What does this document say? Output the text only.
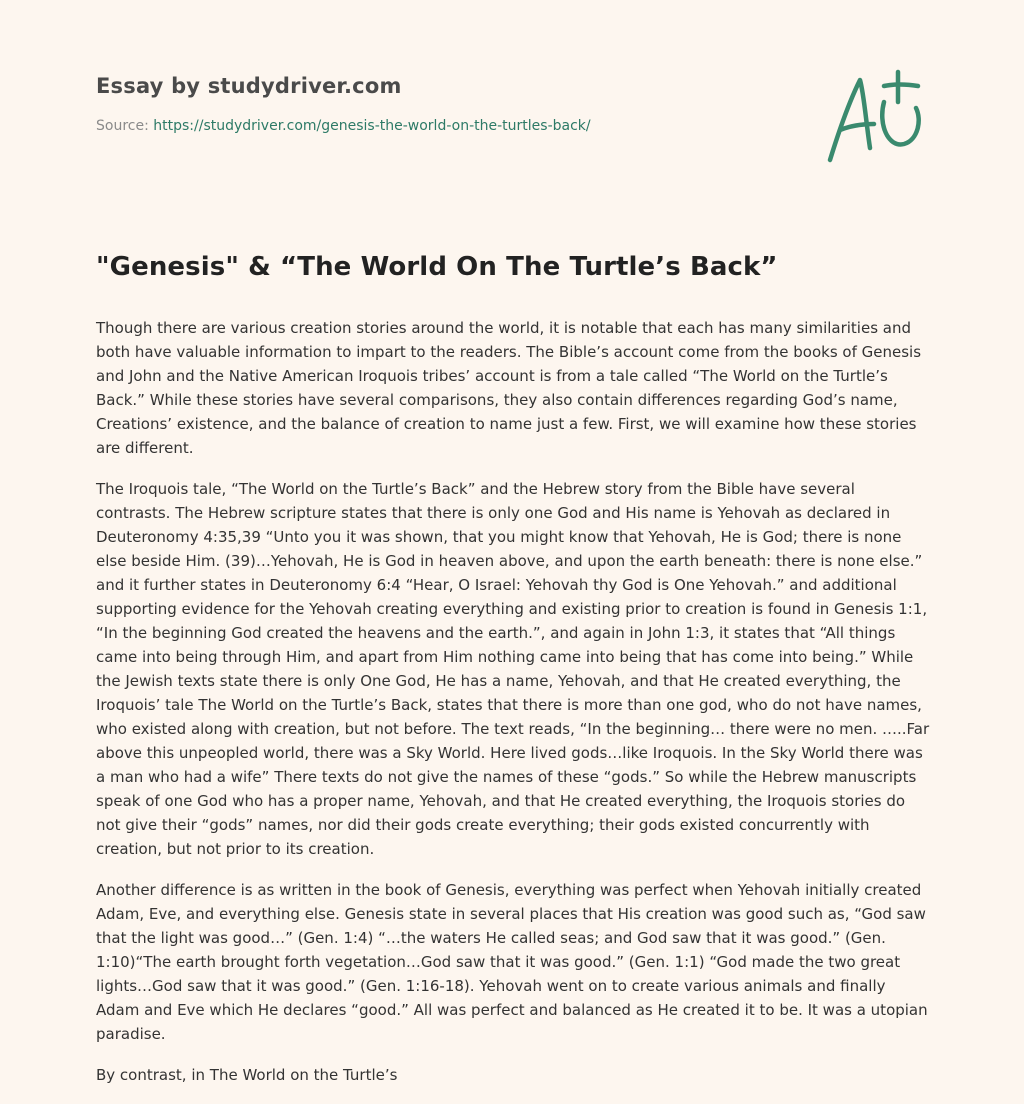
Essay by studydriver.com
Source: https://studydriver.com/genesis-the-world-on-the-turtles-back/
"Genesis" & “The World On The Turtle’s Back”

Though there are various creation stories around the world, it is notable that each has many similarities and both have valuable information to impart to the readers. The Bible’s account come from the books of Genesis and John and the Native American Iroquois tribes’ account is from a tale called “The World on the Turtle’s Back.” While these stories have several comparisons, they also contain differences regarding God’s name, Creations’ existence, and the balance of creation to name just a few. First, we will examine how these stories are different.

The Iroquois tale, “The World on the Turtle’s Back” and the Hebrew story from the Bible have several contrasts. The Hebrew scripture states that there is only one God and His name is Yehovah as declared in Deuteronomy 4:35,39 “Unto you it was shown, that you might know that Yehovah, He is God; there is none else beside Him. (39)…Yehovah, He is God in heaven above, and upon the earth beneath: there is none else.” and it further states in Deuteronomy 6:4 “Hear, O Israel: Yehovah thy God is One Yehovah.” and additional supporting evidence for the Yehovah creating everything and existing prior to creation is found in Genesis 1:1, “In the beginning God created the heavens and the earth.”, and again in John 1:3, it states that “All things came into being through Him, and apart from Him nothing came into being that has come into being.” While the Jewish texts state there is only One God, He has a name, Yehovah, and that He created everything, the Iroquois’ tale The World on the Turtle’s Back, states that there is more than one god, who do not have names, who existed along with creation, but not before. The text reads, “In the beginning… there were no men. …..Far above this unpeopled world, there was a Sky World. Here lived gods…like Iroquois. In the Sky World there was a man who had a wife” There texts do not give the names of these “gods.” So while the Hebrew manuscripts speak of one God who has a proper name, Yehovah, and that He created everything, the Iroquois stories do not give their “gods” names, nor did their gods create everything; their gods existed concurrently with creation, but not prior to its creation.

Another difference is as written in the book of Genesis, everything was perfect when Yehovah initially created Adam, Eve, and everything else. Genesis state in several places that His creation was good such as, “God saw that the light was good…” (Gen. 1:4) “…the waters He called seas; and God saw that it was good.” (Gen. 1:10)“The earth brought forth vegetation…God saw that it was good.” (Gen. 1:1) “God made the two great lights…God saw that it was good.” (Gen. 1:16-18). Yehovah went on to create various animals and finally Adam and Eve which He declares “good.” All was perfect and balanced as He created it to be. It was a utopian paradise.

By contrast, in The World on the Turtle’s
